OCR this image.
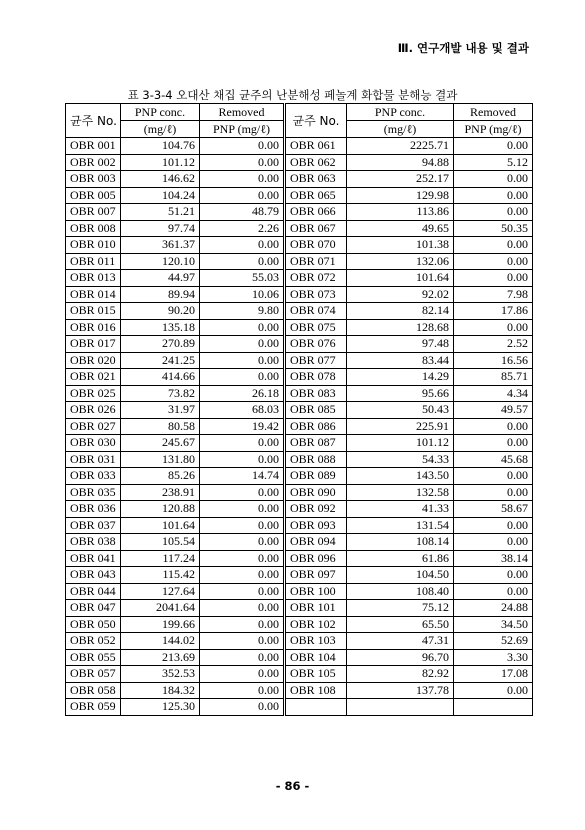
Ⅲ. 연구개발 내용 및 결과
표 3-3-4 오대산 채집 균주의 난분해성 페놀계 화합물 분해능 결과
균주 No.	PNP conc.	Removed	균주 No.	PNP conc.	Removed
	(mg/ℓ)	PNP (mg/ℓ)		(mg/ℓ)	PNP (mg/ℓ)
OBR 001	104.76	0.00	OBR 061	2225.71	0.00
OBR 002	101.12	0.00	OBR 062	94.88	5.12
OBR 003	146.62	0.00	OBR 063	252.17	0.00
OBR 005	104.24	0.00	OBR 065	129.98	0.00
OBR 007	51.21	48.79	OBR 066	113.86	0.00
OBR 008	97.74	2.26	OBR 067	49.65	50.35
OBR 010	361.37	0.00	OBR 070	101.38	0.00
OBR 011	120.10	0.00	OBR 071	132.06	0.00
OBR 013	44.97	55.03	OBR 072	101.64	0.00
OBR 014	89.94	10.06	OBR 073	92.02	7.98
OBR 015	90.20	9.80	OBR 074	82.14	17.86
OBR 016	135.18	0.00	OBR 075	128.68	0.00
OBR 017	270.89	0.00	OBR 076	97.48	2.52
OBR 020	241.25	0.00	OBR 077	83.44	16.56
OBR 021	414.66	0.00	OBR 078	14.29	85.71
OBR 025	73.82	26.18	OBR 083	95.66	4.34
OBR 026	31.97	68.03	OBR 085	50.43	49.57
OBR 027	80.58	19.42	OBR 086	225.91	0.00
OBR 030	245.67	0.00	OBR 087	101.12	0.00
OBR 031	131.80	0.00	OBR 088	54.33	45.68
OBR 033	85.26	14.74	OBR 089	143.50	0.00
OBR 035	238.91	0.00	OBR 090	132.58	0.00
OBR 036	120.88	0.00	OBR 092	41.33	58.67
OBR 037	101.64	0.00	OBR 093	131.54	0.00
OBR 038	105.54	0.00	OBR 094	108.14	0.00
OBR 041	117.24	0.00	OBR 096	61.86	38.14
OBR 043	115.42	0.00	OBR 097	104.50	0.00
OBR 044	127.64	0.00	OBR 100	108.40	0.00
OBR 047	2041.64	0.00	OBR 101	75.12	24.88
OBR 050	199.66	0.00	OBR 102	65.50	34.50
OBR 052	144.02	0.00	OBR 103	47.31	52.69
OBR 055	213.69	0.00	OBR 104	96.70	3.30
OBR 057	352.53	0.00	OBR 105	82.92	17.08
OBR 058	184.32	0.00	OBR 108	137.78	0.00
OBR 059	125.30	0.00			
- 86 -
